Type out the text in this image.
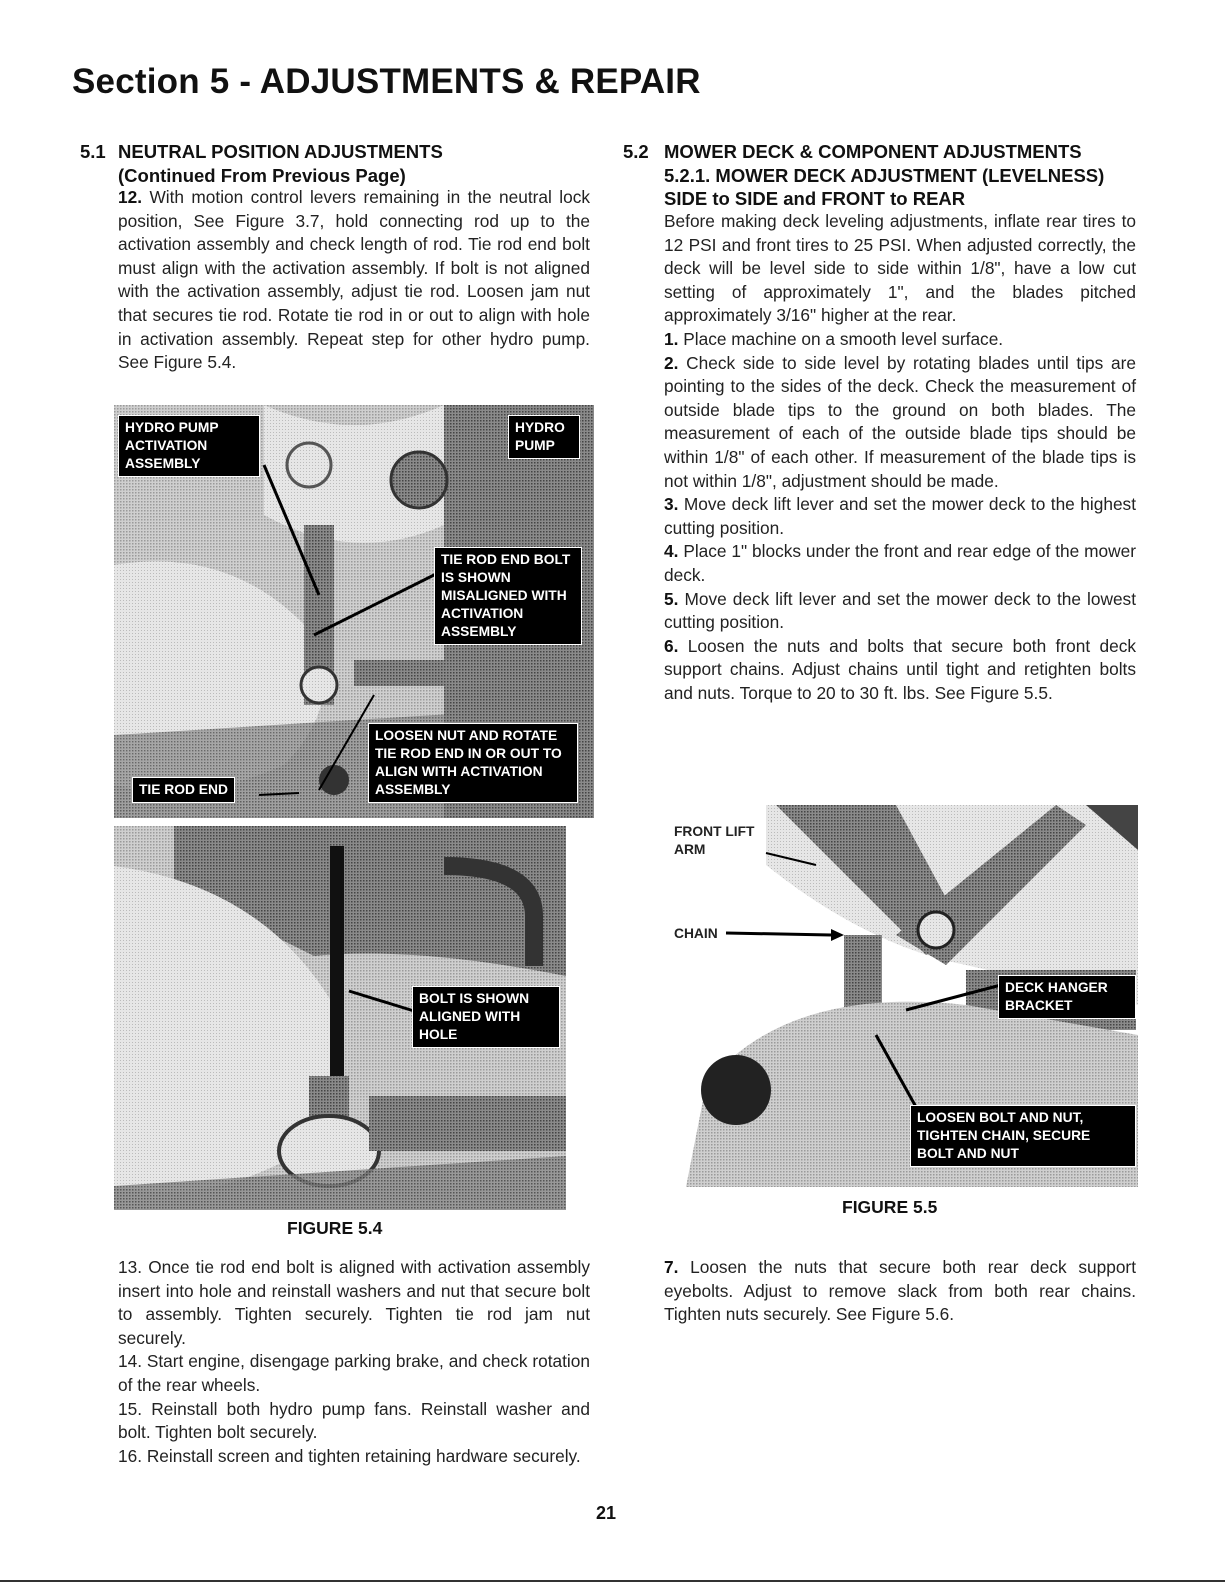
Section 5 - ADJUSTMENTS & REPAIR
5.1 NEUTRAL POSITION ADJUSTMENTS
(Continued From Previous Page)

12. With motion control levers remaining in the neutral lock position, See Figure 3.7, hold connecting rod up to the activation assembly and check length of rod. Tie rod end bolt must align with the activation assembly. If bolt is not aligned with the activation assembly, adjust tie rod. Loosen jam nut that secures tie rod. Rotate tie rod in or out to align with hole in activation assembly. Repeat step for other hydro pump. See Figure 5.4.

HYDRO PUMP ACTIVATION ASSEMBLY
HYDRO PUMP
TIE ROD END BOLT IS SHOWN MISALIGNED WITH ACTIVATION ASSEMBLY
LOOSEN NUT AND ROTATE TIE ROD END IN OR OUT TO ALIGN WITH ACTIVATION ASSEMBLY
TIE ROD END
BOLT IS SHOWN ALIGNED WITH HOLE
FIGURE 5.4

13. Once tie rod end bolt is aligned with activation assembly insert into hole and reinstall washers and nut that secure bolt to assembly. Tighten securely. Tighten tie rod jam nut securely.

14. Start engine, disengage parking brake, and check rotation of the rear wheels.

15. Reinstall both hydro pump fans. Reinstall washer and bolt. Tighten bolt securely.

16. Reinstall screen and tighten retaining hardware securely.

5.2 MOWER DECK & COMPONENT ADJUSTMENTS
5.2.1. MOWER DECK ADJUSTMENT (LEVELNESS)
SIDE to SIDE and FRONT to REAR

Before making deck leveling adjustments, inflate rear tires to 12 PSI and front tires to 25 PSI. When adjusted correctly, the deck will be level side to side within 1/8", have a low cut setting of approximately 1", and the blades pitched approximately 3/16" higher at the rear.

1. Place machine on a smooth level surface.

2. Check side to side level by rotating blades until tips are pointing to the sides of the deck. Check the measurement of outside blade tips to the ground on both blades. The measurement of each of the outside blade tips should be within 1/8" of each other. If measurement of the blade tips is not within 1/8", adjustment should be made.

3. Move deck lift lever and set the mower deck to the highest cutting position.

4. Place 1" blocks under the front and rear edge of the mower deck.

5. Move deck lift lever and set the mower deck to the lowest cutting position.

6. Loosen the nuts and bolts that secure both front deck support chains. Adjust chains until tight and retighten bolts and nuts. Torque to 20 to 30 ft. lbs. See Figure 5.5.

FRONT LIFT ARM
CHAIN
DECK HANGER BRACKET
LOOSEN BOLT AND NUT, TIGHTEN CHAIN, SECURE BOLT AND NUT
FIGURE 5.5

7. Loosen the nuts that secure both rear deck support eyebolts. Adjust to remove slack from both rear chains. Tighten nuts securely. See Figure 5.6.

21
